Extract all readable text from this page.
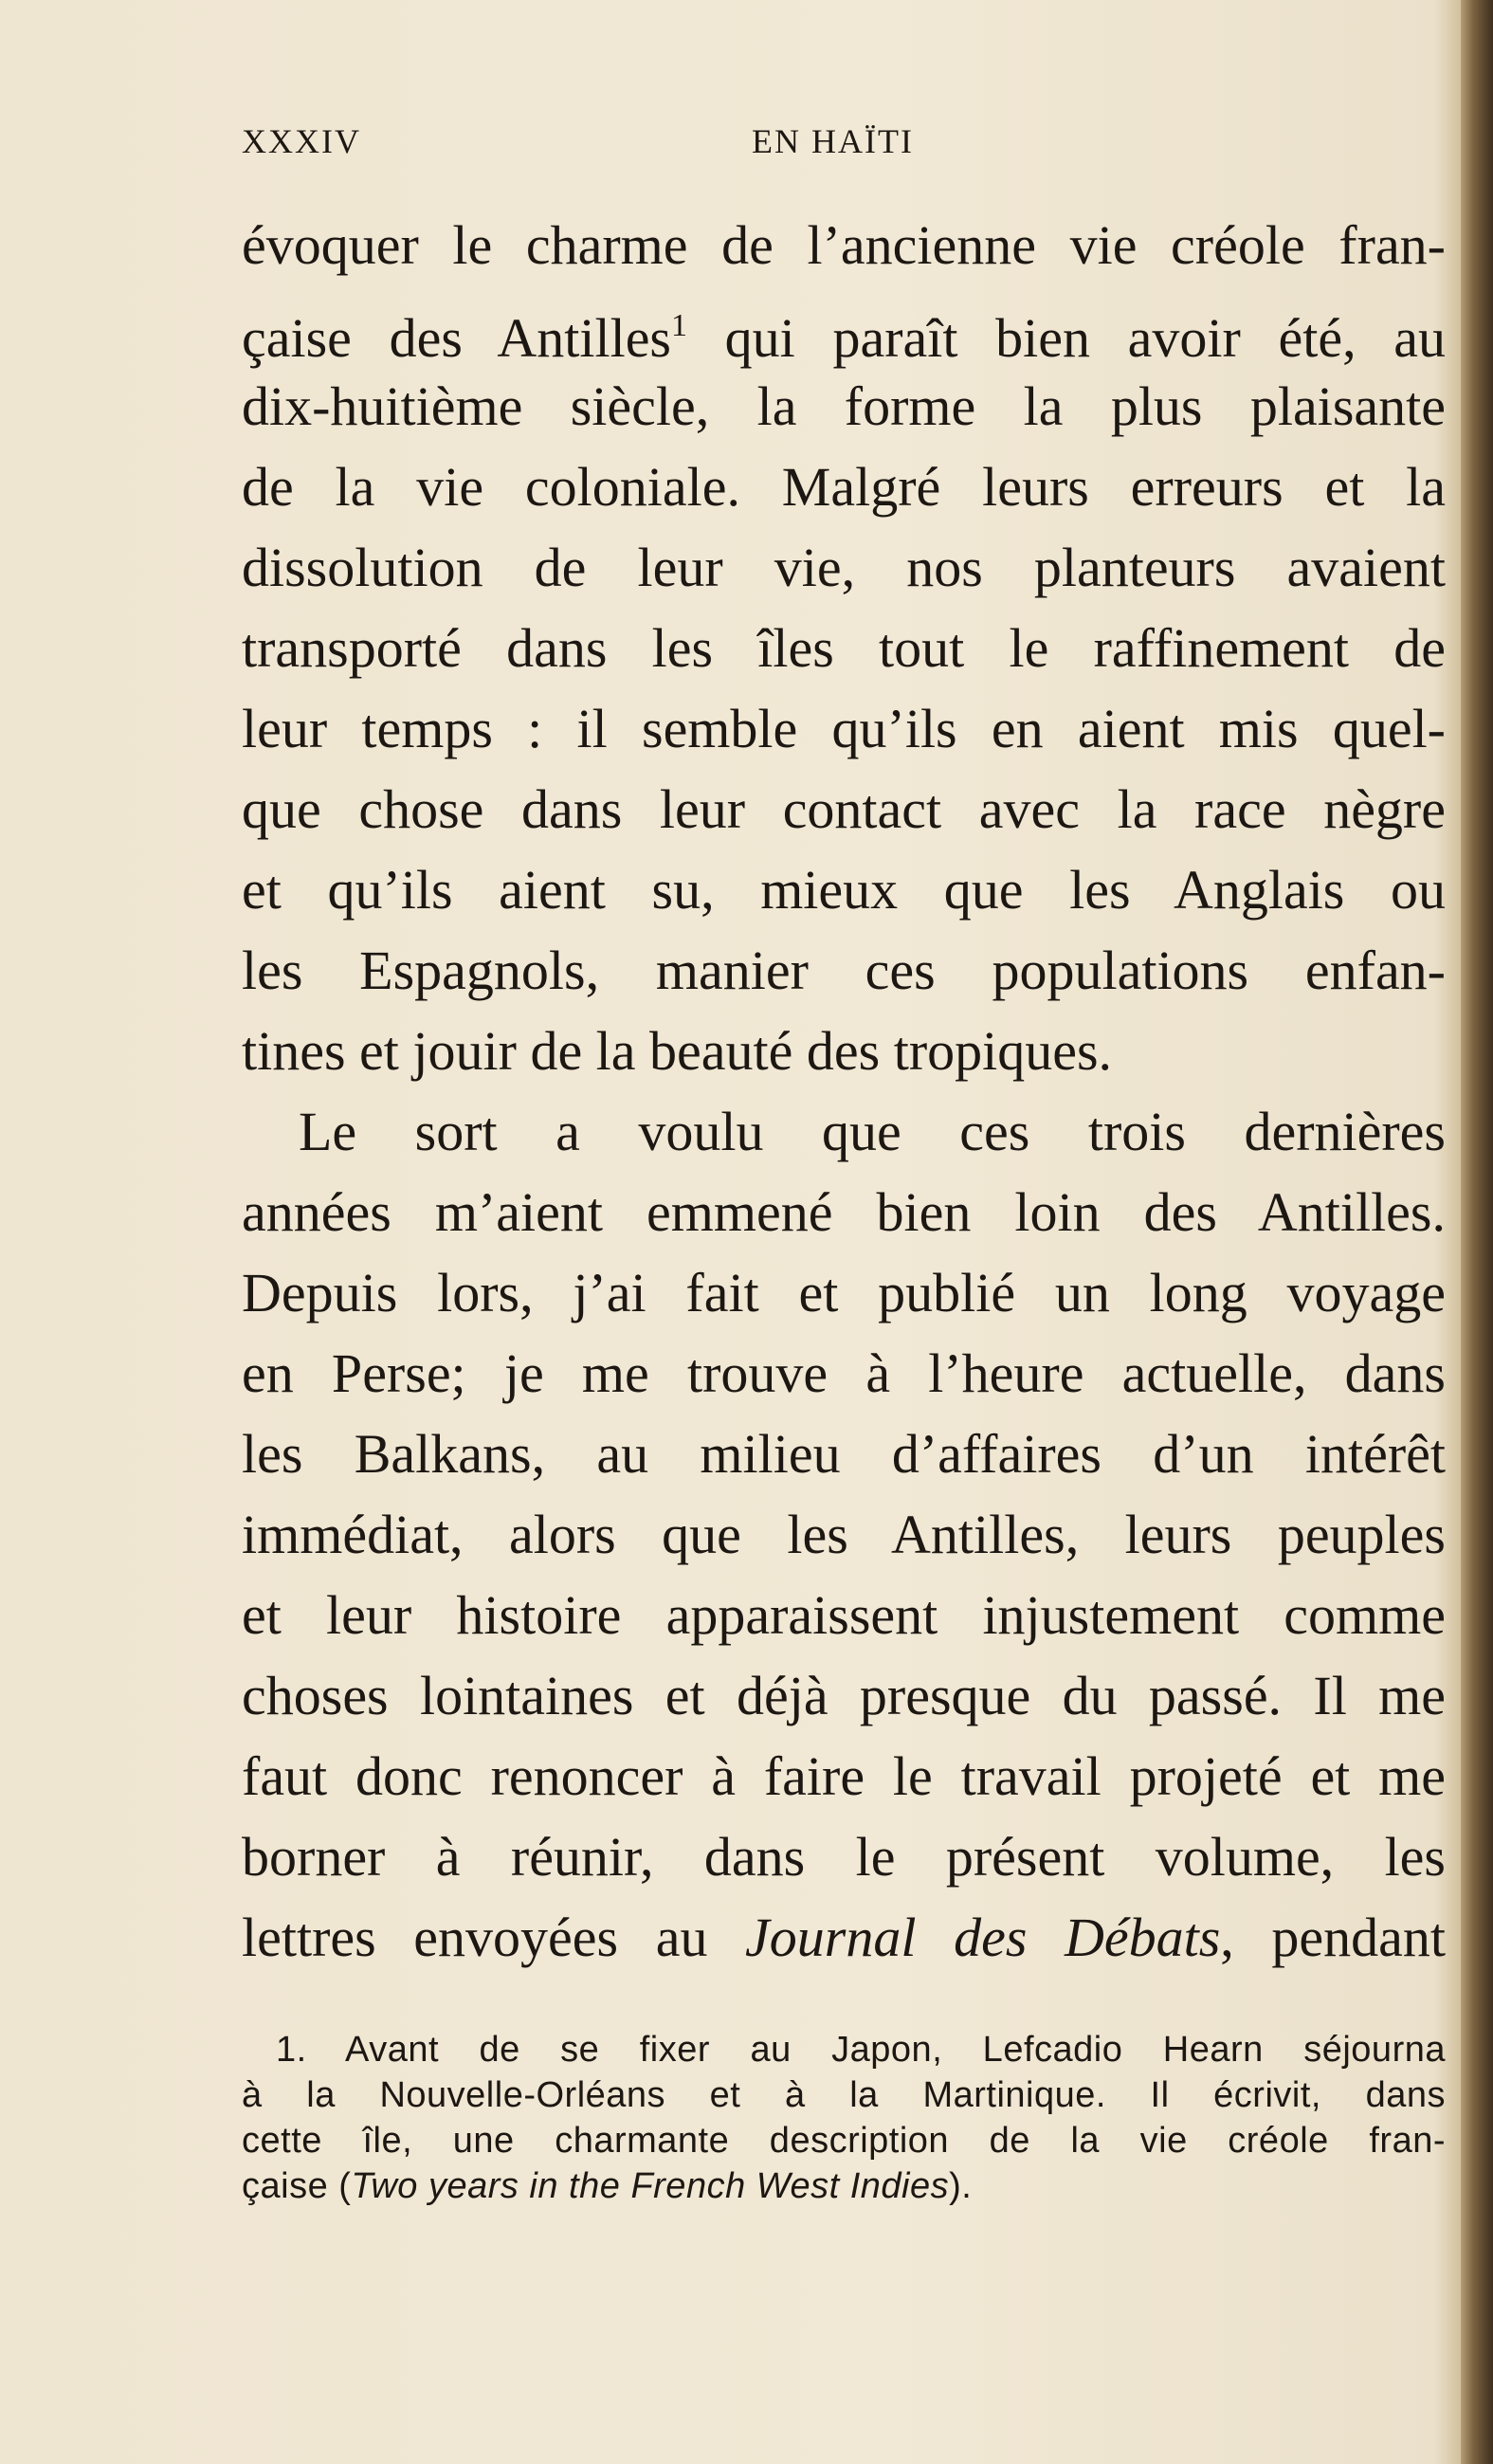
XXXIV	EN HAÏTI
évoquer le charme de l’ancienne vie créole fran-
çaise des Antilles$^1$ qui paraît bien avoir été, au
dix-huitième siècle, la forme la plus plaisante
de la vie coloniale. Malgré leurs erreurs et la
dissolution de leur vie, nos planteurs avaient
transporté dans les îles tout le raffinement de
leur temps : il semble qu’ils en aient mis quel-
que chose dans leur contact avec la race nègre
et qu’ils aient su, mieux que les Anglais ou
les Espagnols, manier ces populations enfan-
tines et jouir de la beauté des tropiques.
Le sort a voulu que ces trois dernières
années m’aient emmené bien loin des Antilles.
Depuis lors, j’ai fait et publié un long voyage
en Perse; je me trouve à l’heure actuelle, dans
les Balkans, au milieu d’affaires d’un intérêt
immédiat, alors que les Antilles, leurs peuples
et leur histoire apparaissent injustement comme
choses lointaines et déjà presque du passé. Il me
faut donc renoncer à faire le travail projeté et me
borner à réunir, dans le présent volume, les
lettres envoyées au Journal des Débats, pendant
1. Avant de se fixer au Japon, Lefcadio Hearn séjourna
à la Nouvelle-Orléans et à la Martinique. Il écrivit, dans
cette île, une charmante description de la vie créole fran-
çaise (Two years in the French West Indies).
